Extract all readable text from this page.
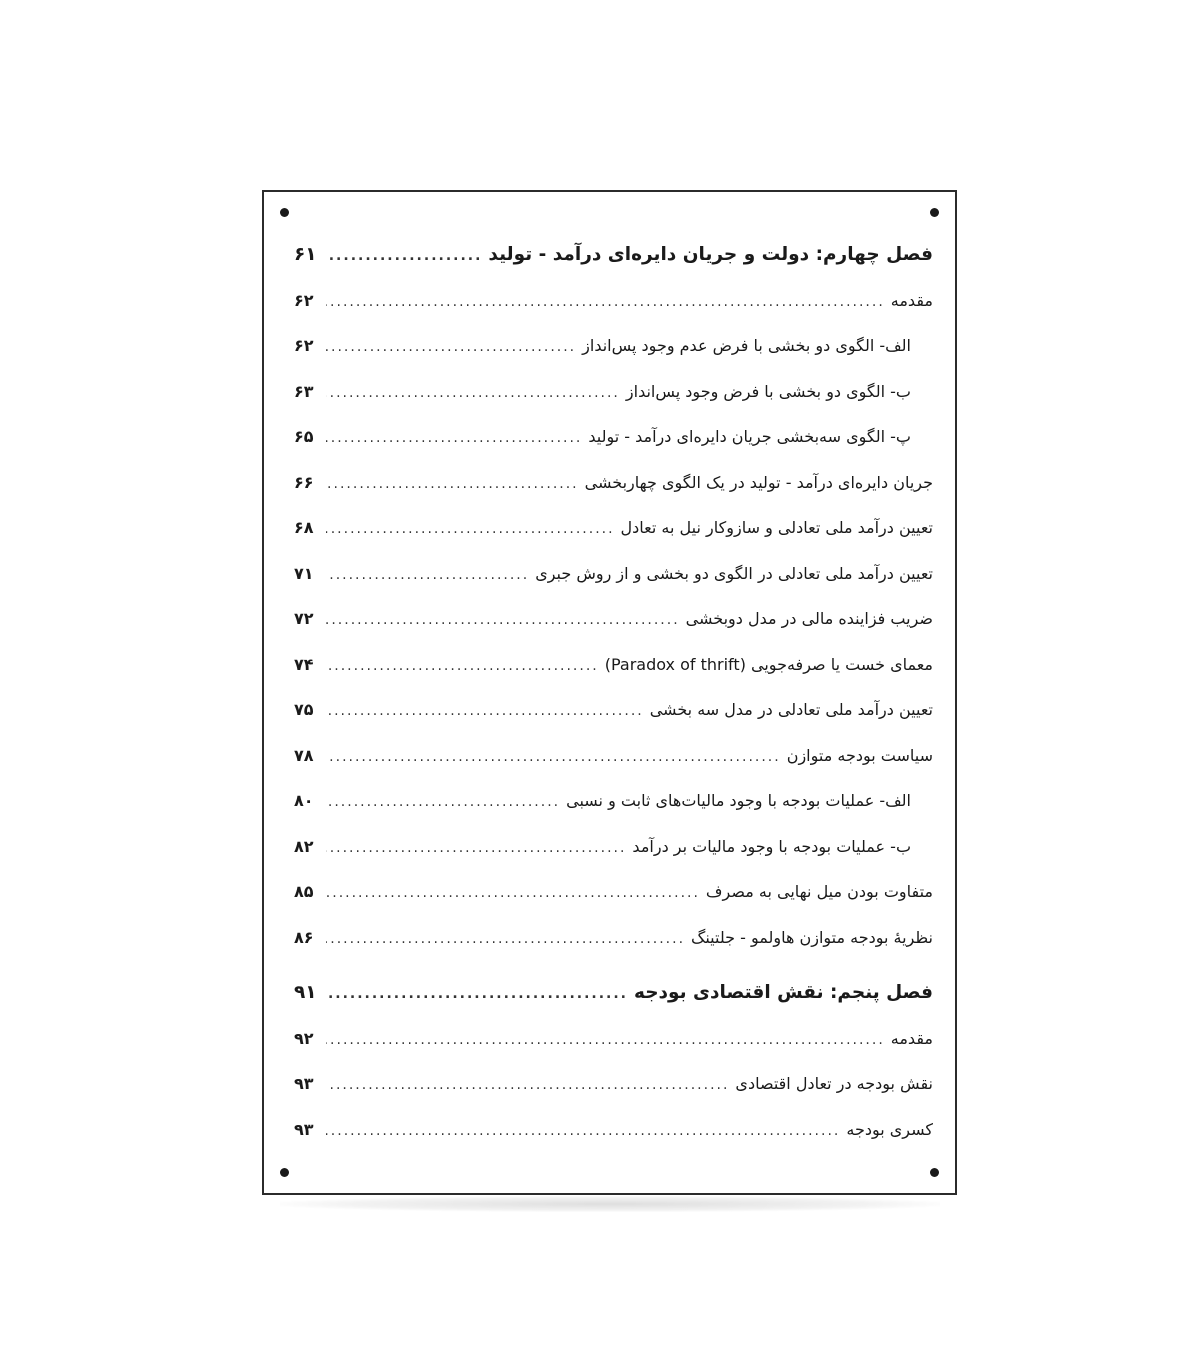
فصل چهارم: دولت و جریان دایره‌ای درآمد - تولید
.....
۶۱
مقدمه
.....
۶۲
الف- الگوی دو بخشی با فرض عدم وجود پس‌انداز
.....
۶۲
ب- الگوی دو بخشی با فرض وجود پس‌انداز
.....
۶۳
پ- الگوی سه‌بخشی جریان دایره‌ای درآمد - تولید
.....
۶۵
جریان دایره‌ای درآمد - تولید در یک الگوی چهاربخشی
.....
۶۶
تعیین درآمد ملی تعادلی و سازوکار نیل به تعادل
.....
۶۸
تعیین درآمد ملی تعادلی در الگوی دو بخشی و از روش جبری
.....
۷۱
ضریب فزاینده مالی در مدل دوبخشی
.....
۷۲
معمای خست یا صرفه‌جویی (Paradox of thrift)
.....
۷۴
تعیین درآمد ملی تعادلی در مدل سه بخشی
.....
۷۵
سیاست بودجه متوازن
.....
۷۸
الف- عملیات بودجه با وجود مالیات‌های ثابت و نسبی
.....
۸۰
ب- عملیات بودجه با وجود مالیات بر درآمد
.....
۸۲
متفاوت بودن میل نهایی به مصرف
.....
۸۵
نظریهٔ بودجه متوازن هاولمو - جلتینگ
.....
۸۶
فصل پنجم: نقش اقتصادی بودجه
.....
۹۱
مقدمه
.....
۹۲
نقش بودجه در تعادل اقتصادی
.....
۹۳
کسری بودجه
.....
۹۳
